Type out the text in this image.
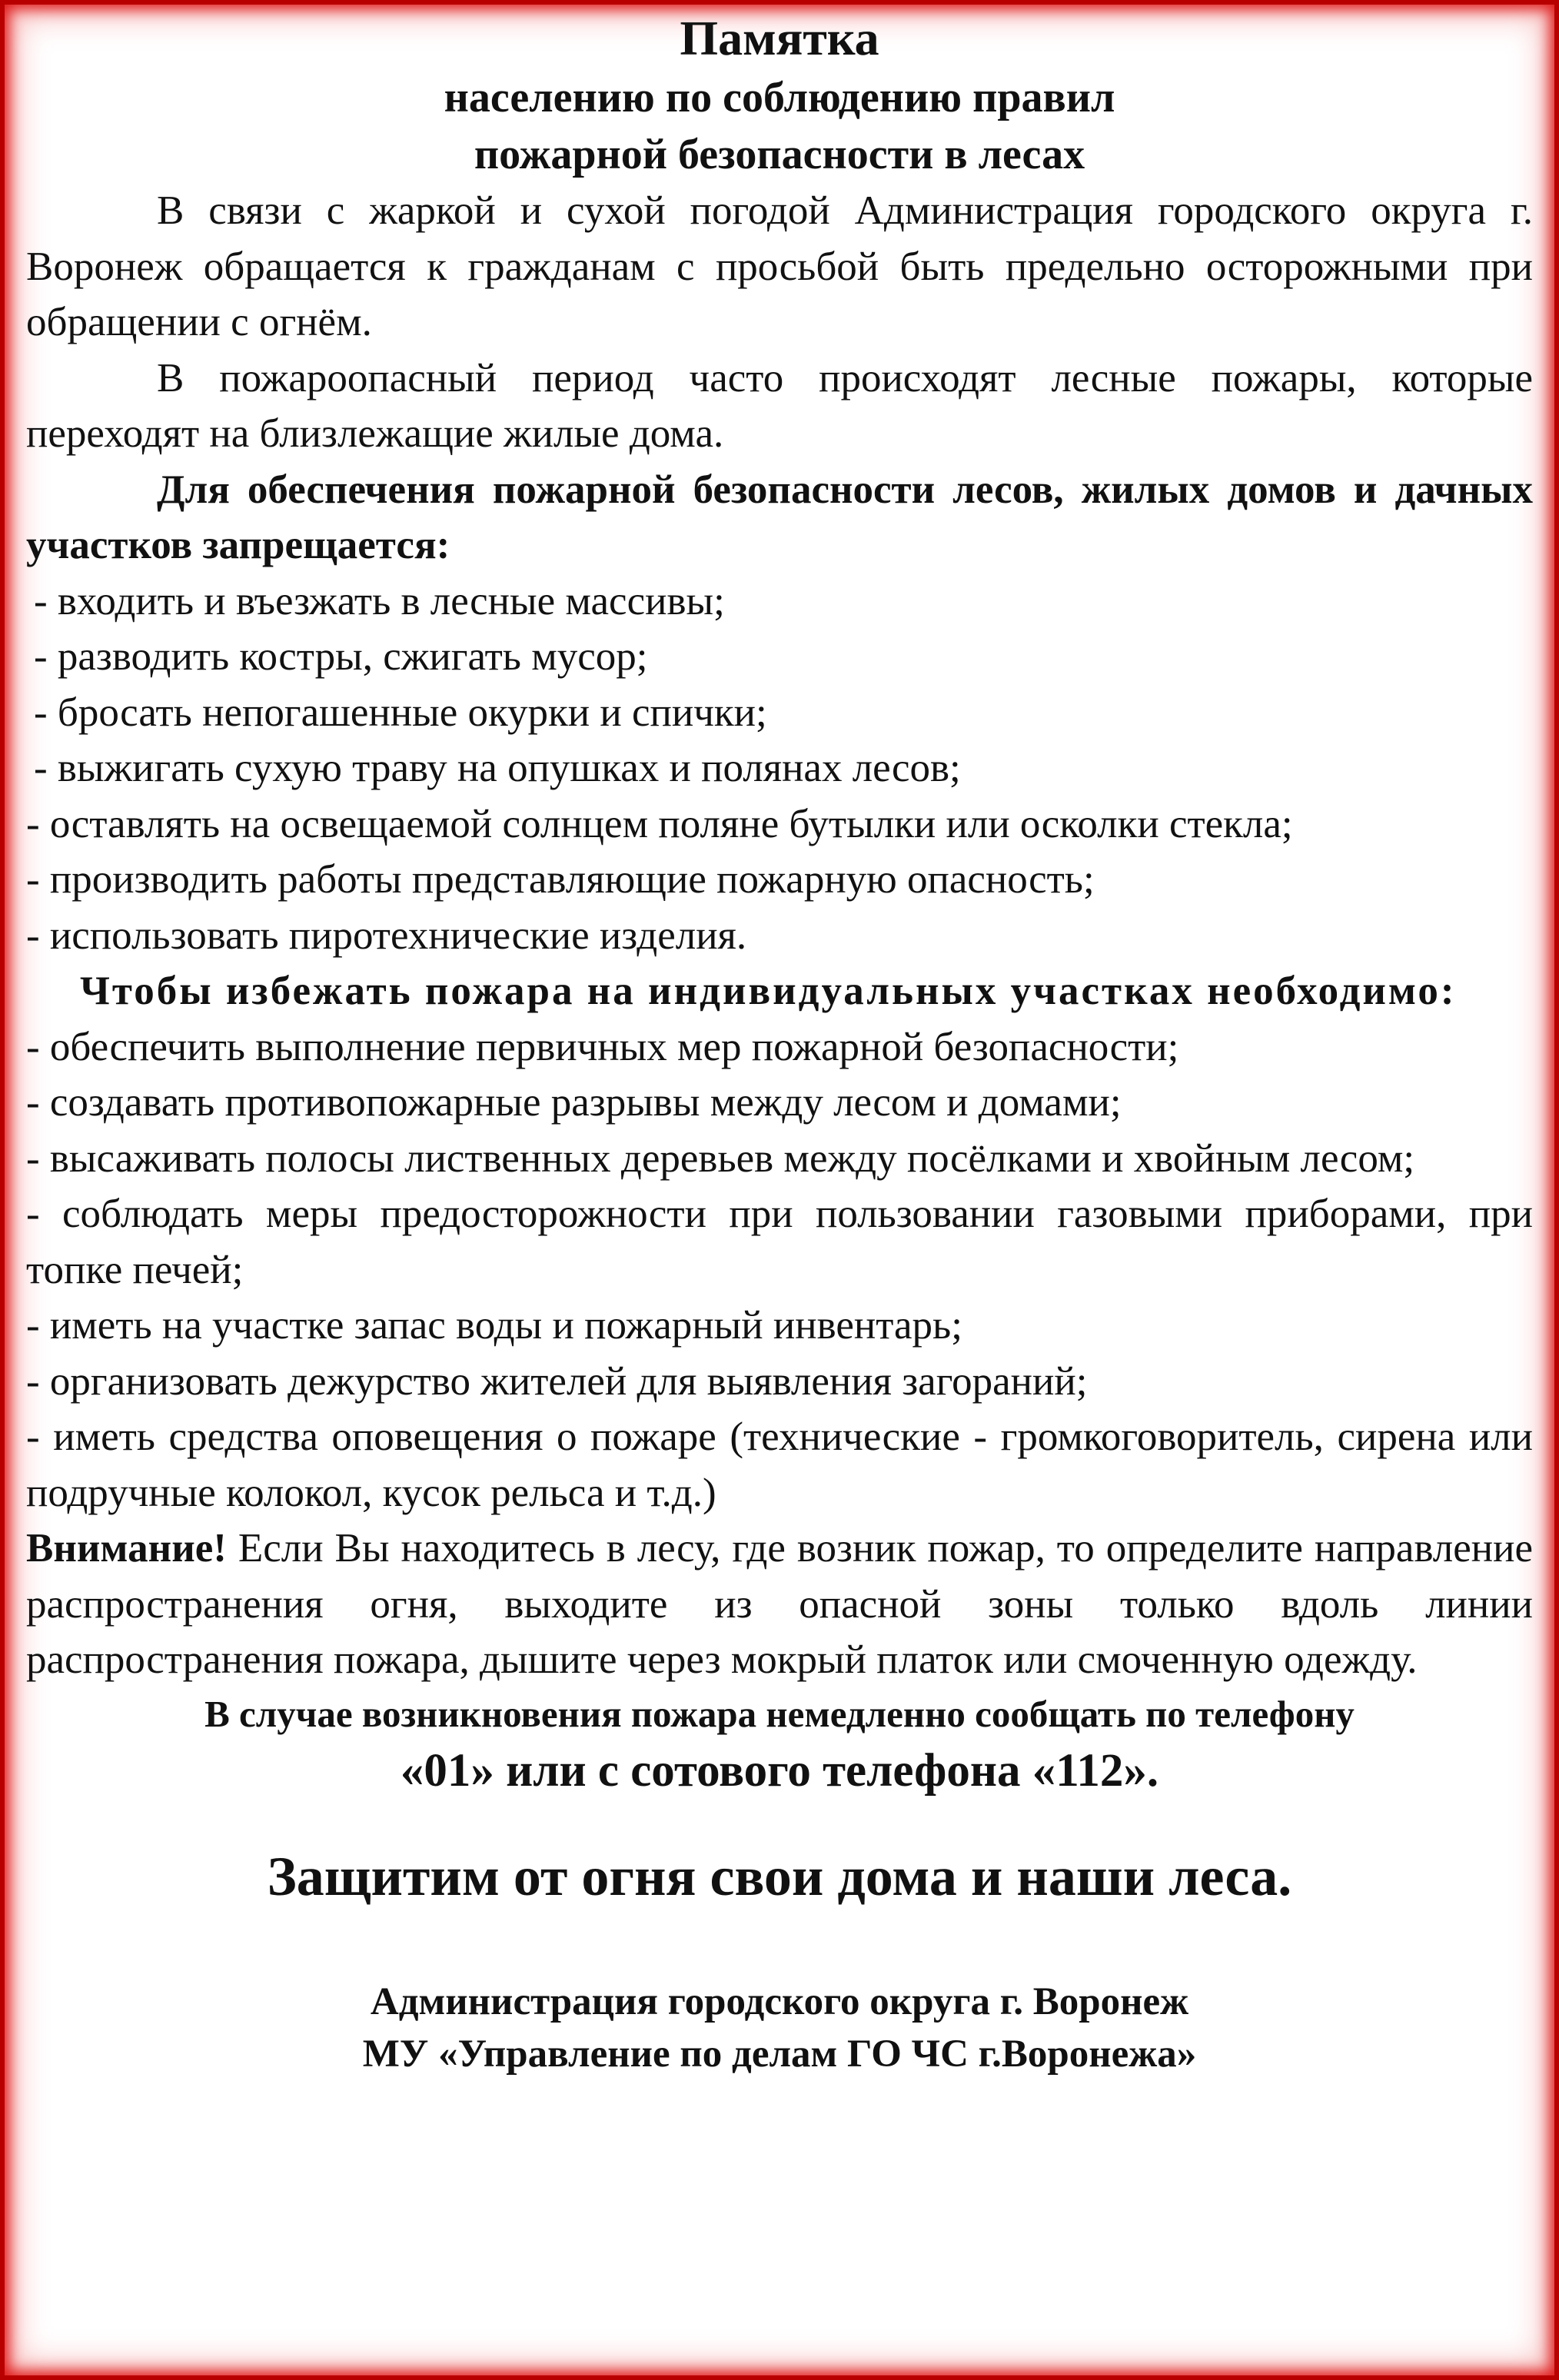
Памятка
населению по соблюдению правил
пожарной безопасности в лесах

В связи с жаркой и сухой погодой Администрация городского округа г. Воронеж обращается к гражданам с просьбой быть предельно осторожными при обращении с огнём.

В пожароопасный период часто происходят лесные пожары, которые переходят на близлежащие жилые дома.

Для обеспечения пожарной безопасности лесов, жилых домов и дачных участков запрещается:

- входить и въезжать в лесные массивы;

- разводить костры, сжигать мусор;

- бросать непогашенные окурки и спички;

- выжигать сухую траву на опушках и полянах лесов;

- оставлять на освещаемой солнцем поляне бутылки или осколки стекла;

- производить работы представляющие пожарную опасность;

- использовать пиротехнические изделия.

Чтобы избежать пожара на индивидуальных участках необходимо:

- обеспечить выполнение первичных мер пожарной безопасности;

- создавать противопожарные разрывы между лесом и домами;

- высаживать полосы лиственных деревьев между посёлками и хвойным лесом;

- соблюдать меры предосторожности при пользовании газовыми приборами, при топке печей;

- иметь на участке запас воды и пожарный инвентарь;

- организовать дежурство жителей для выявления загораний;

- иметь средства оповещения о пожаре (технические - громкоговоритель, сирена или подручные колокол, кусок рельса и т.д.)

Внимание! Если Вы находитесь в лесу, где возник пожар, то определите направление распространения огня, выходите из опасной зоны только вдоль линии распространения пожара, дышите через мокрый платок или смоченную одежду.

В случае возникновения пожара немедленно сообщать по телефону

«01» или с сотового телефона «112».

Защитим от огня свои дома и наши леса.

Администрация городского округа г. Воронеж

МУ «Управление по делам ГО ЧС г.Воронежа»
